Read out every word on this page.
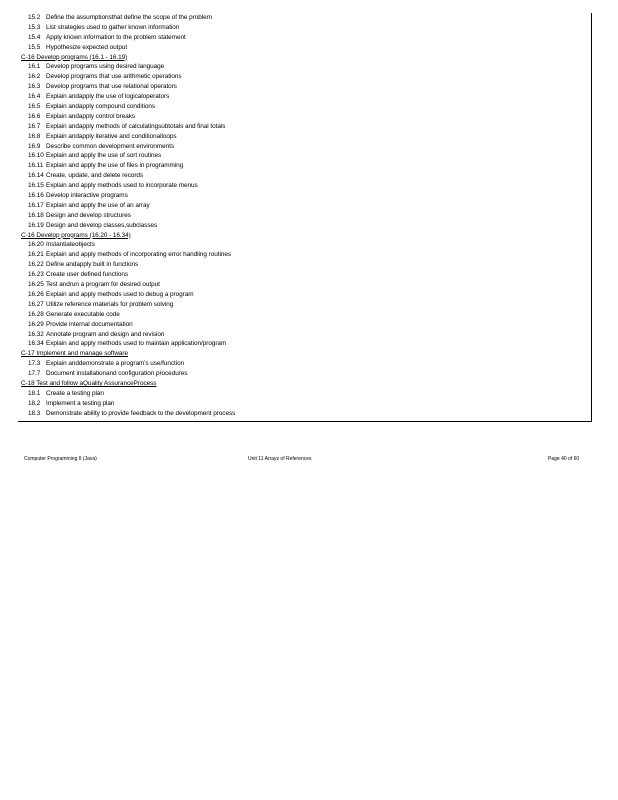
15.2 Define the assumptionsthat define the scope of the problem
15.3 List strategies used to gather known information
15.4 Apply known information to the problem statement
15.5 Hypothesize expected output
C-16 Develop programs (16.1 - 16.19)
16.1 Develop programs using desired language
16.2 Develop programs that use arithmetic operations
16.3 Develop programs that use relational operators
16.4 Explain andapply the use of logicaloperators
16.5 Explain andapply compound conditions
16.6 Explain andapply control breaks
16.7 Explain andapply methods of calculatingsubtotals and final totals
16.8 Explain andapply iterative and conditionalloops
16.9 Describe common development environments
16.10 Explain and apply the use of sort routines
16.11 Explain and apply the use of files in programming
16.14 Create, update, and delete records
16.15 Explain and apply methods used to incorporate menus
16.16 Develop interactive programs
16.17 Explain and apply the use of an array
16.18 Design and develop structures
16.19 Design and develop classes,subclasses
C-16 Develop programs (16.20 - 16.34)
16.20 Instantiateobjects
16.21 Explain and apply methods of incorporating error handling routines
16.22 Define andapply built in functions
16.23 Create user defined functions
16.25 Test andrun a program for desired output
16.26 Explain and apply methods used to debug a program
16.27 Utilize reference materials for problem solving
16.28 Generate executable code
16.29 Provide internal documentation
16.32 Annotate program and design and revision
16.34 Explain and apply methods used to maintain application/program
C-17 Implement and manage software
17.3 Explain anddemonstrate a program's use/function
17.7 Document installationand configuration procedures
C-18 Test and follow aQuality AssuranceProcess
18.1 Create a testing plan
18.2 Implement a testing plan
18.3 Demonstrate ability to provide feedback to the development process
Computer Programming II (Java)	Unit 11 Arrays of References	Page 40 of 60
